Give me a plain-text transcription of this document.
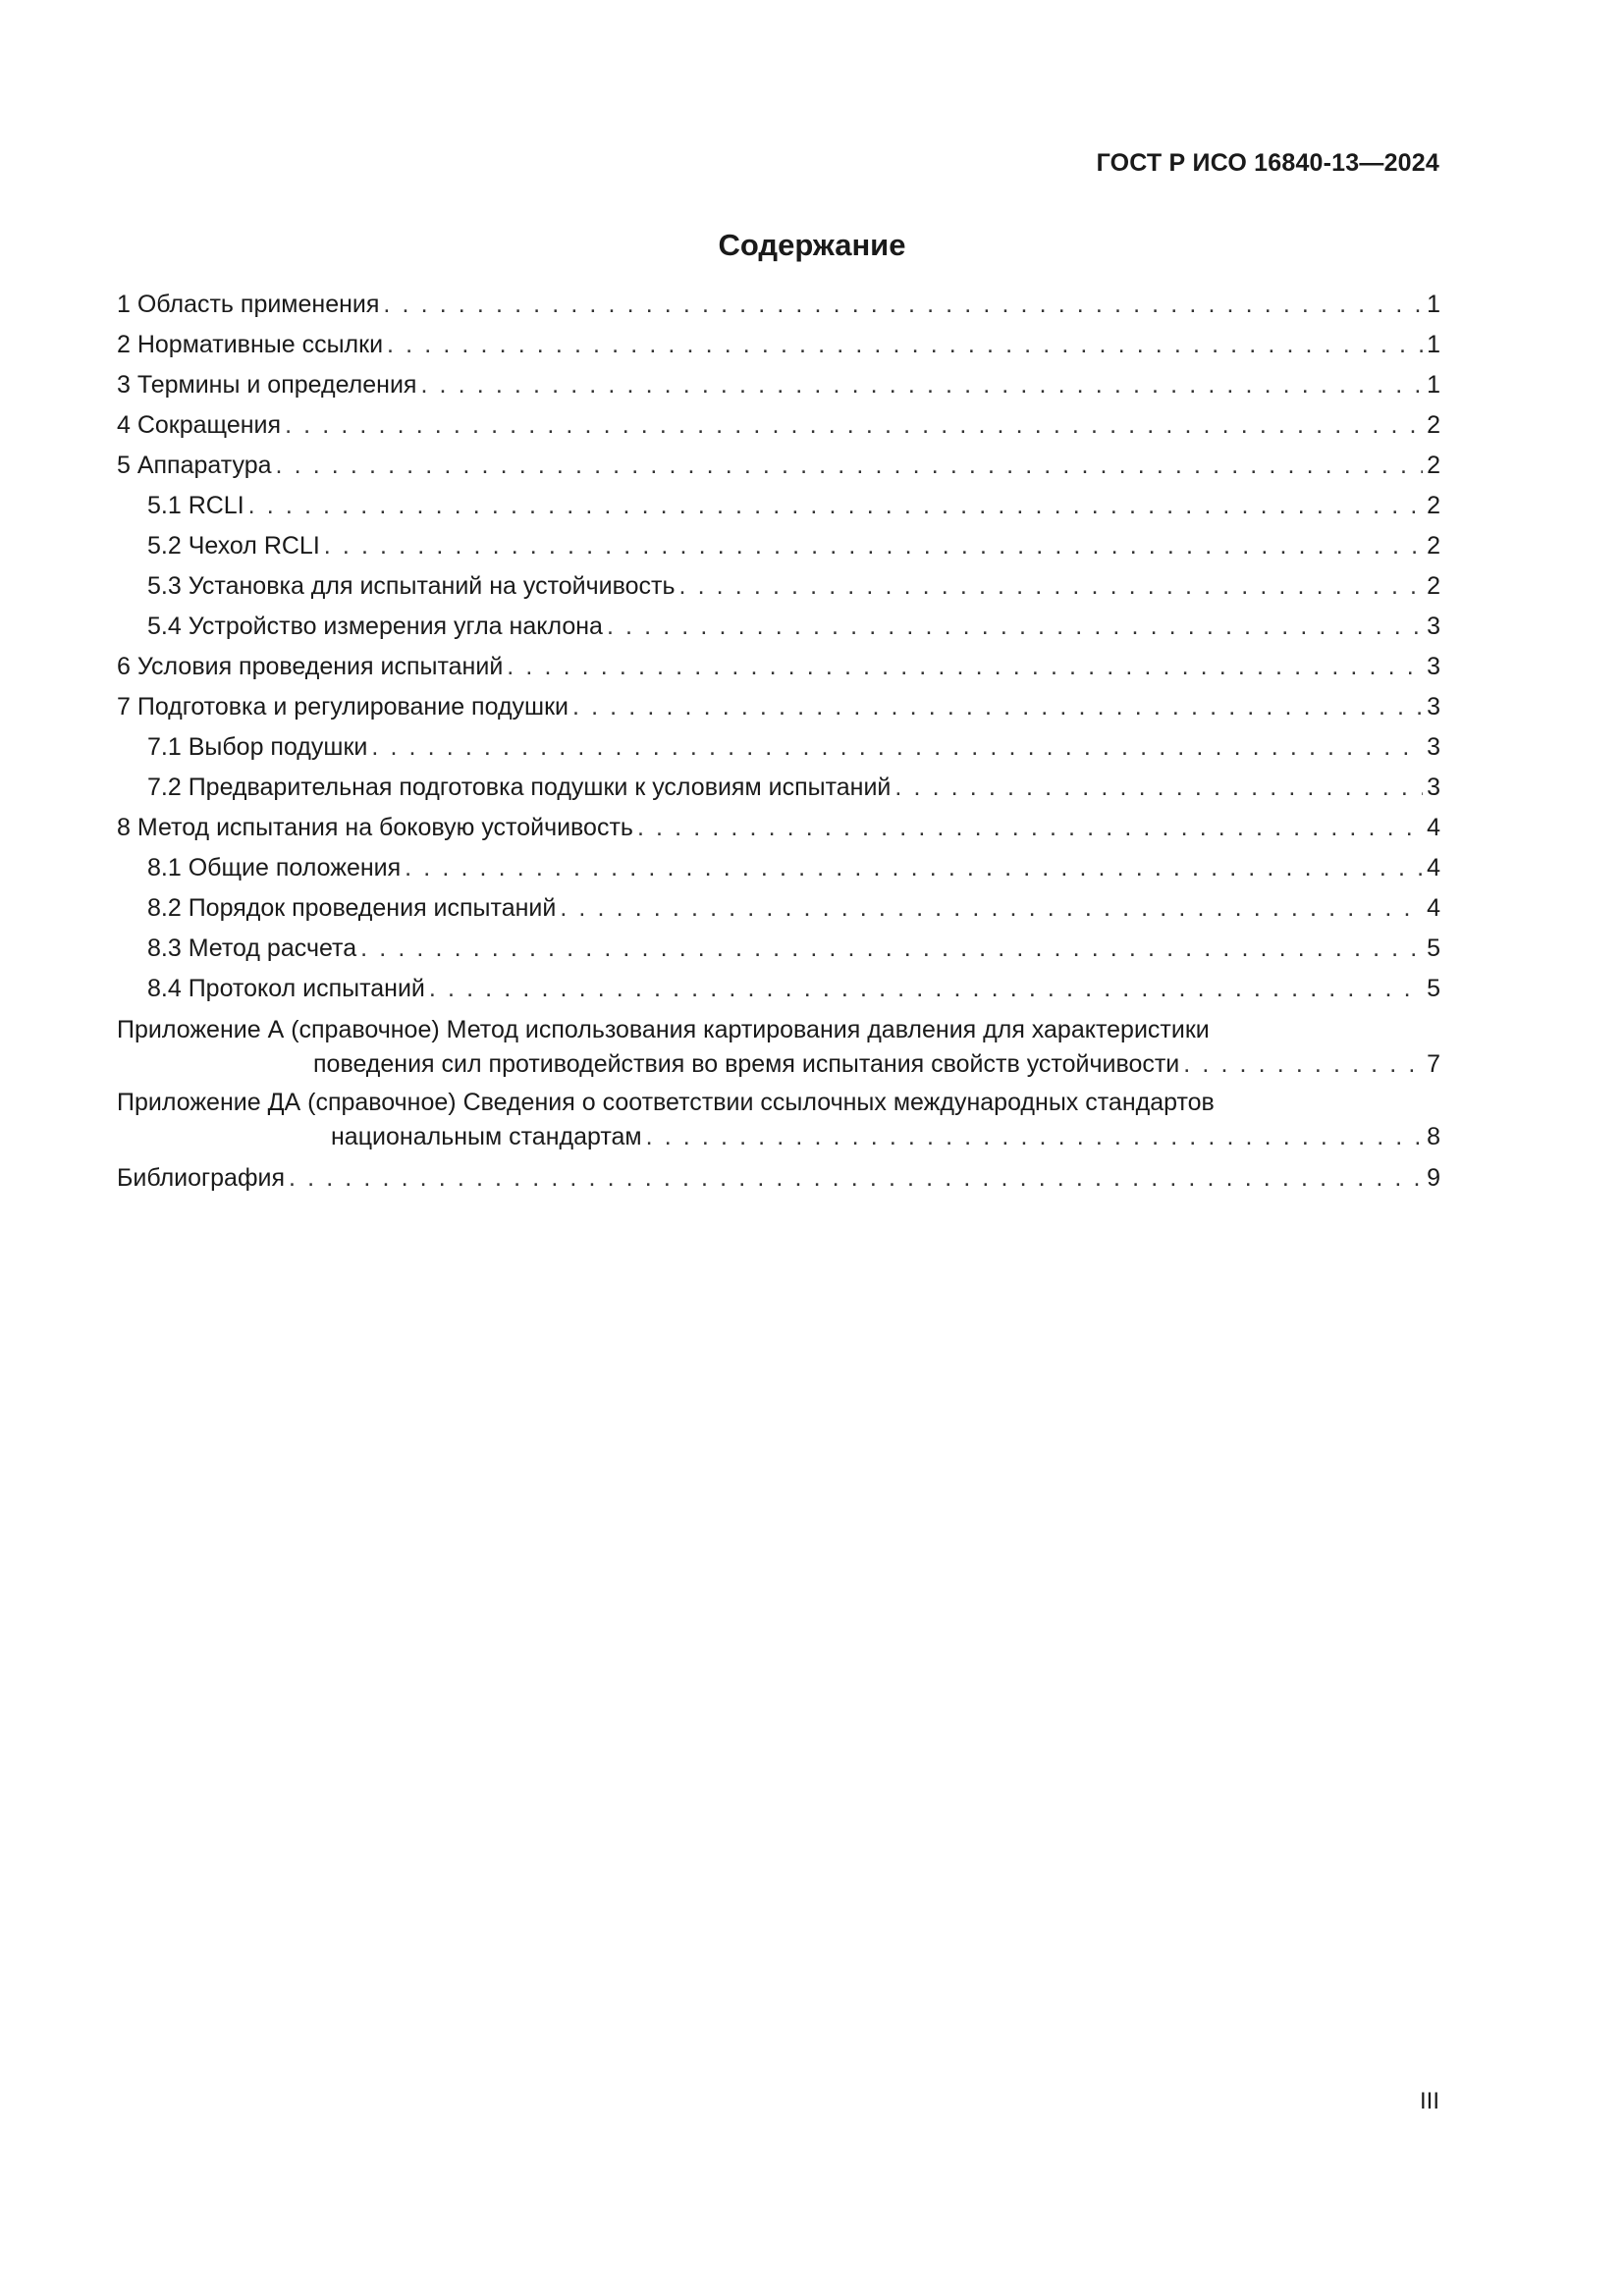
ГОСТ Р ИСО 16840-13—2024
Содержание
1 Область применения . . .	1
2 Нормативные ссылки . . .	1
3 Термины и определения . . .	1
4 Сокращения . . .	2
5 Аппаратура . . .	2
5.1 RCLI . . .	2
5.2 Чехол RCLI . . .	2
5.3 Установка для испытаний на устойчивость . . .	2
5.4 Устройство измерения угла наклона . . .	3
6 Условия проведения испытаний . . .	3
7 Подготовка и регулирование подушки . . .	3
7.1 Выбор подушки . . .	3
7.2 Предварительная подготовка подушки к условиям испытаний . . .	3
8 Метод испытания на боковую устойчивость . . .	4
8.1 Общие положения . . .	4
8.2 Порядок проведения испытаний . . .	4
8.3 Метод расчета . . .	5
8.4 Протокол испытаний . . .	5
Приложение А (справочное) Метод использования картирования давления для характеристики
поведения сил противодействия во время испытания свойств устойчивости . . .	7
Приложение ДА (справочное) Сведения о соответствии ссылочных международных стандартов
национальным стандартам . . .	8
Библиография . . .	9
III
